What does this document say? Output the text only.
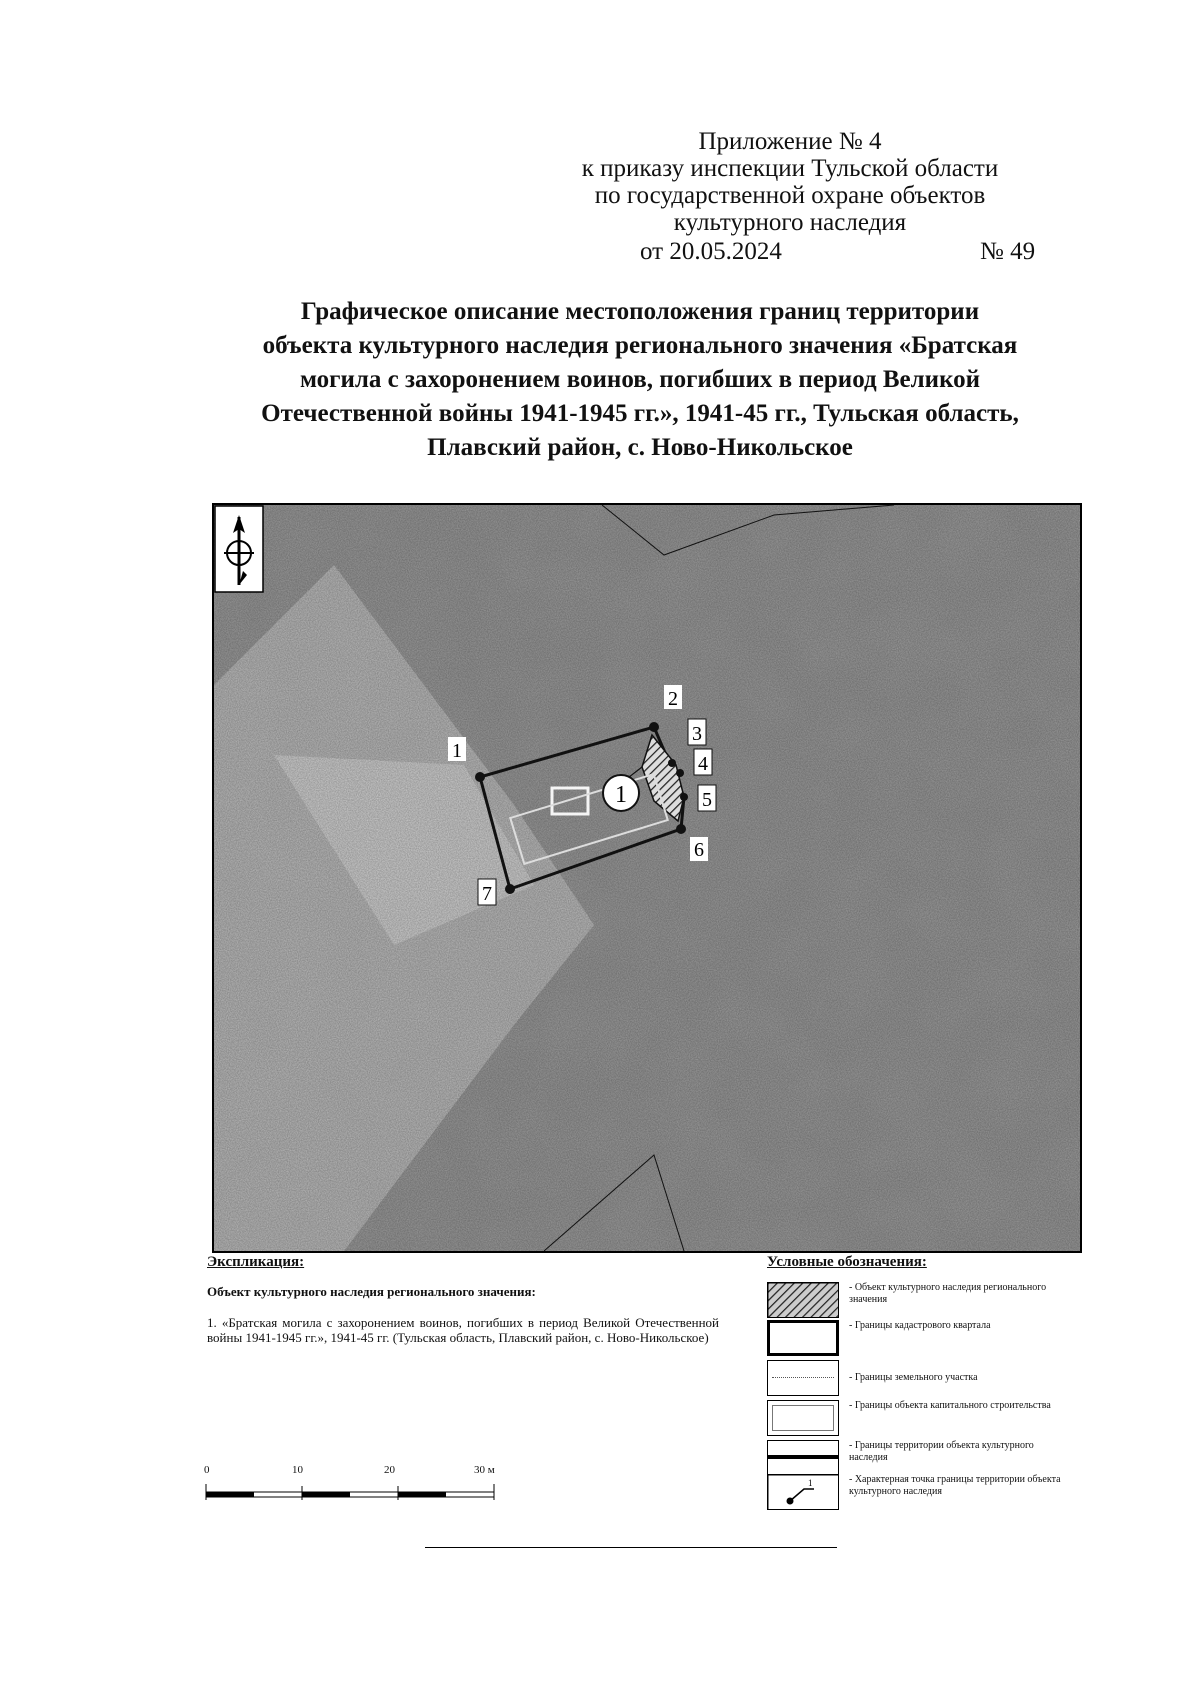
Приложение № 4
к приказу инспекции Тульской области
по государственной охране объектов
культурного наследия
от 20.05.2024	№ 49
Графическое описание местоположения границ территории
объекта культурного наследия регионального значения «Братская
могила с захоронением воинов, погибших в период Великой
Отечественной войны 1941-1945 гг.», 1941-45 гг., Тульская область,
Плавский район, с. Ново-Никольское
1
1
2
3
4
5
6
7
Экспликация:
Объект культурного наследия регионального значения:
1. «Братская могила с захоронением воинов, погибших в период Великой Отечественной войны 1941-1945 гг.», 1941-45 гг. (Тульская область, Плавский район, с. Ново-Никольское)
0	10	20	30 м
Условные обозначения:
- Объект культурного наследия регионального значения
- Границы кадастрового квартала
- Границы земельного участка
- Границы объекта капитального строительства
- Границы территории объекта культурного наследия
1	- Характерная точка границы территории объекта культурного наследия
